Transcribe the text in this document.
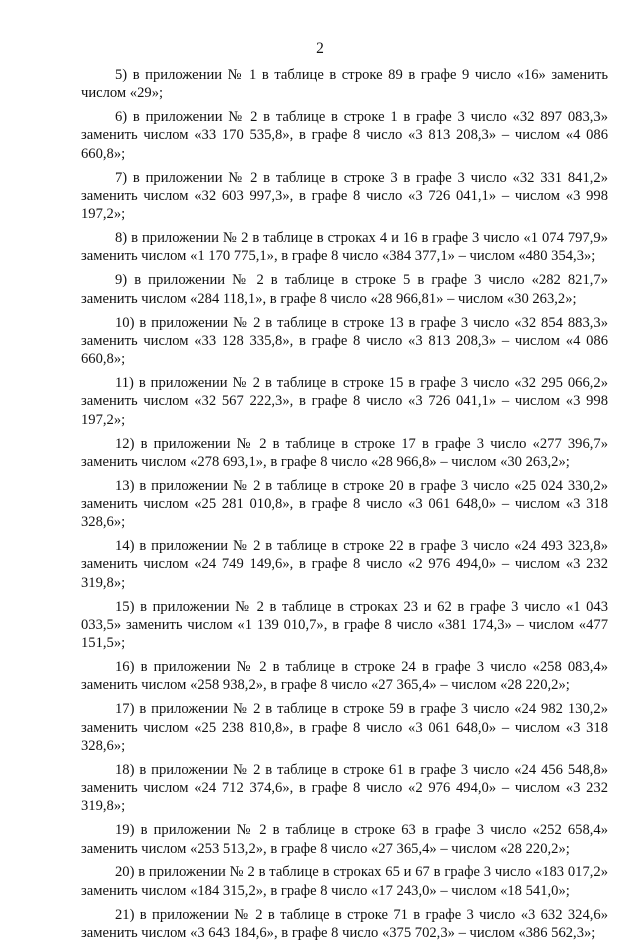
2

5) в приложении № 1 в таблице в строке 89 в графе 9 число «16» заменить числом «29»;

6) в приложении № 2 в таблице в строке 1 в графе 3 число «32 897 083,3» заменить числом «33 170 535,8», в графе 8 число «3 813 208,3» – числом «4 086 660,8»;

7) в приложении № 2 в таблице в строке 3 в графе 3 число «32 331 841,2» заменить числом «32 603 997,3», в графе 8 число «3 726 041,1» – числом «3 998 197,2»;

8) в приложении № 2 в таблице в строках 4 и 16 в графе 3 число «1 074 797,9» заменить числом «1 170 775,1», в графе 8 число «384 377,1» – числом «480 354,3»;

9) в приложении № 2 в таблице в строке 5 в графе 3 число «282 821,7» заменить числом «284 118,1», в графе 8 число «28 966,81» – числом «30 263,2»;

10) в приложении № 2 в таблице в строке 13 в графе 3 число «32 854 883,3» заменить числом «33 128 335,8», в графе 8 число «3 813 208,3» – числом «4 086 660,8»;

11) в приложении № 2 в таблице в строке 15 в графе 3 число «32 295 066,2» заменить числом «32 567 222,3», в графе 8 число «3 726 041,1» – числом «3 998 197,2»;

12) в приложении № 2 в таблице в строке 17 в графе 3 число «277 396,7» заменить числом «278 693,1», в графе 8 число «28 966,8» – числом «30 263,2»;

13) в приложении № 2 в таблице в строке 20 в графе 3 число «25 024 330,2» заменить числом «25 281 010,8», в графе 8 число «3 061 648,0» – числом «3 318 328,6»;

14) в приложении № 2 в таблице в строке 22 в графе 3 число «24 493 323,8» заменить числом «24 749 149,6», в графе 8 число «2 976 494,0» – числом «3 232 319,8»;

15) в приложении № 2 в таблице в строках 23 и 62 в графе 3 число «1 043 033,5» заменить числом «1 139 010,7», в графе 8 число «381 174,3» – числом «477 151,5»;

16) в приложении № 2 в таблице в строке 24 в графе 3 число «258 083,4» заменить числом «258 938,2», в графе 8 число «27 365,4» – числом «28 220,2»;

17) в приложении № 2 в таблице в строке 59 в графе 3 число «24 982 130,2» заменить числом «25 238 810,8», в графе 8 число «3 061 648,0» – числом «3 318 328,6»;

18) в приложении № 2 в таблице в строке 61 в графе 3 число «24 456 548,8» заменить числом «24 712 374,6», в графе 8 число «2 976 494,0» – числом «3 232 319,8»;

19) в приложении № 2 в таблице в строке 63 в графе 3 число «252 658,4» заменить числом «253 513,2», в графе 8 число «27 365,4» – числом «28 220,2»;

20) в приложении № 2 в таблице в строках 65 и 67 в графе 3 число «183 017,2» заменить числом «184 315,2», в графе 8 число «17 243,0» – числом «18 541,0»;

21) в приложении № 2 в таблице в строке 71 в графе 3 число «3 632 324,6» заменить числом «3 643 184,6», в графе 8 число «375 702,3» – числом «386 562,3»;
